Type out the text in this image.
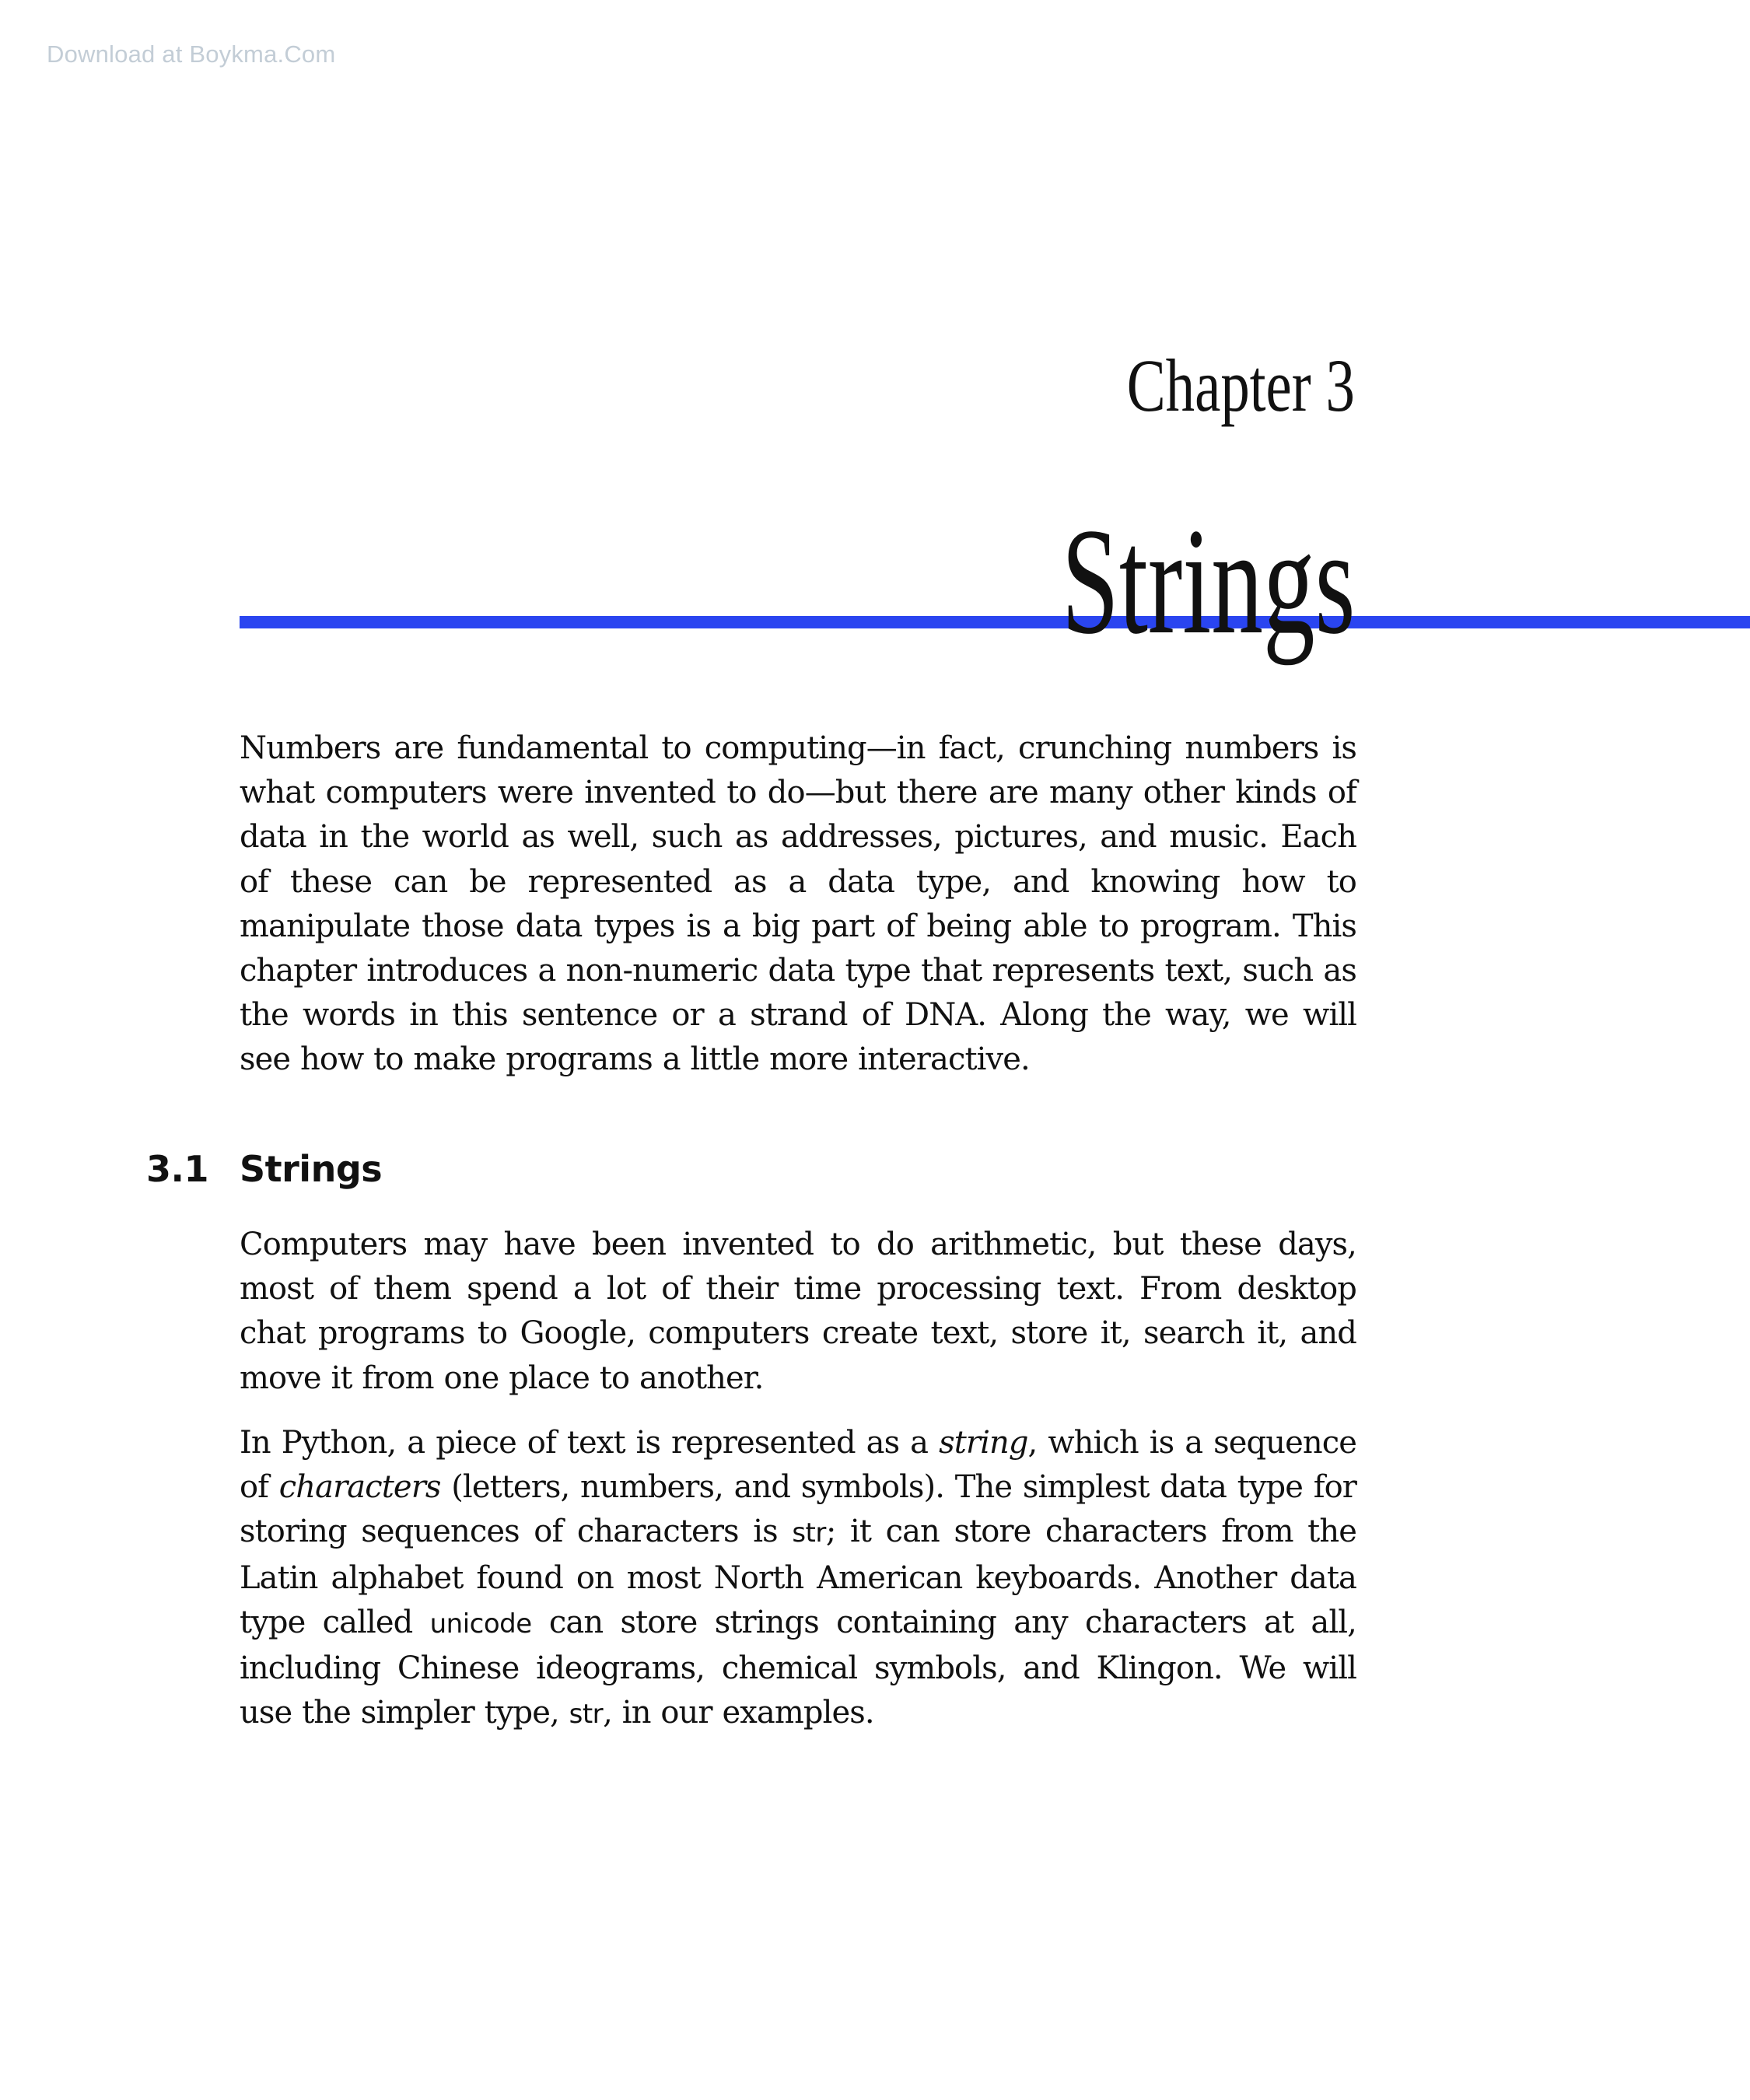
Download at Boykma.Com
Chapter 3
Strings

Numbers are fundamental to computing—in fact, crunching numbers is what computers were invented to do—but there are many other kinds of data in the world as well, such as addresses, pictures, and music. Each of these can be represented as a data type, and knowing how to manipulate those data types is a big part of being able to program. This chapter introduces a non-numeric data type that represents text, such as the words in this sentence or a strand of DNA. Along the way, we will see how to make programs a little more interactive.

3.1 Strings

Computers may have been invented to do arithmetic, but these days, most of them spend a lot of their time processing text. From desktop chat programs to Google, computers create text, store it, search it, and move it from one place to another.

In Python, a piece of text is represented as a string, which is a sequence of characters (letters, numbers, and symbols). The simplest data type for storing sequences of characters is str; it can store characters from the Latin alphabet found on most North American keyboards. Another data type called unicode can store strings containing any characters at all, including Chinese ideograms, chemical symbols, and Klingon. We will use the simpler type, str, in our examples.
